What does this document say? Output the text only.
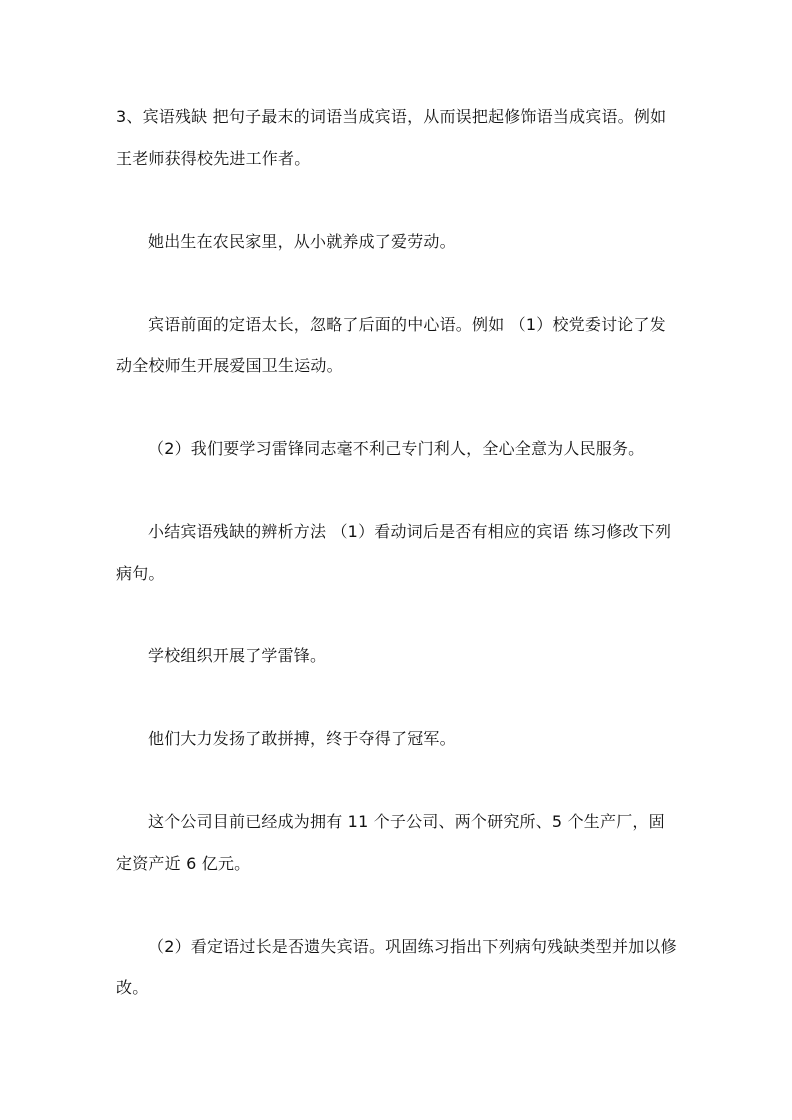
3、宾语残缺 把句子最末的词语当成宾语，从而误把起修饰语当成宾语。例如
王老师获得校先进工作者。
她出生在农民家里，从小就养成了爱劳动。
宾语前面的定语太长，忽略了后面的中心语。例如 （1）校党委讨论了发
动全校师生开展爱国卫生运动。
（2）我们要学习雷锋同志毫不利己专门利人，全心全意为人民服务。
小结宾语残缺的辨析方法 （1）看动词后是否有相应的宾语 练习修改下列
病句。
学校组织开展了学雷锋。
他们大力发扬了敢拼搏，终于夺得了冠军。
这个公司目前已经成为拥有 11 个子公司、两个研究所、5 个生产厂，固
定资产近 6 亿元。
（2）看定语过长是否遗失宾语。巩固练习指出下列病句残缺类型并加以修
改。
